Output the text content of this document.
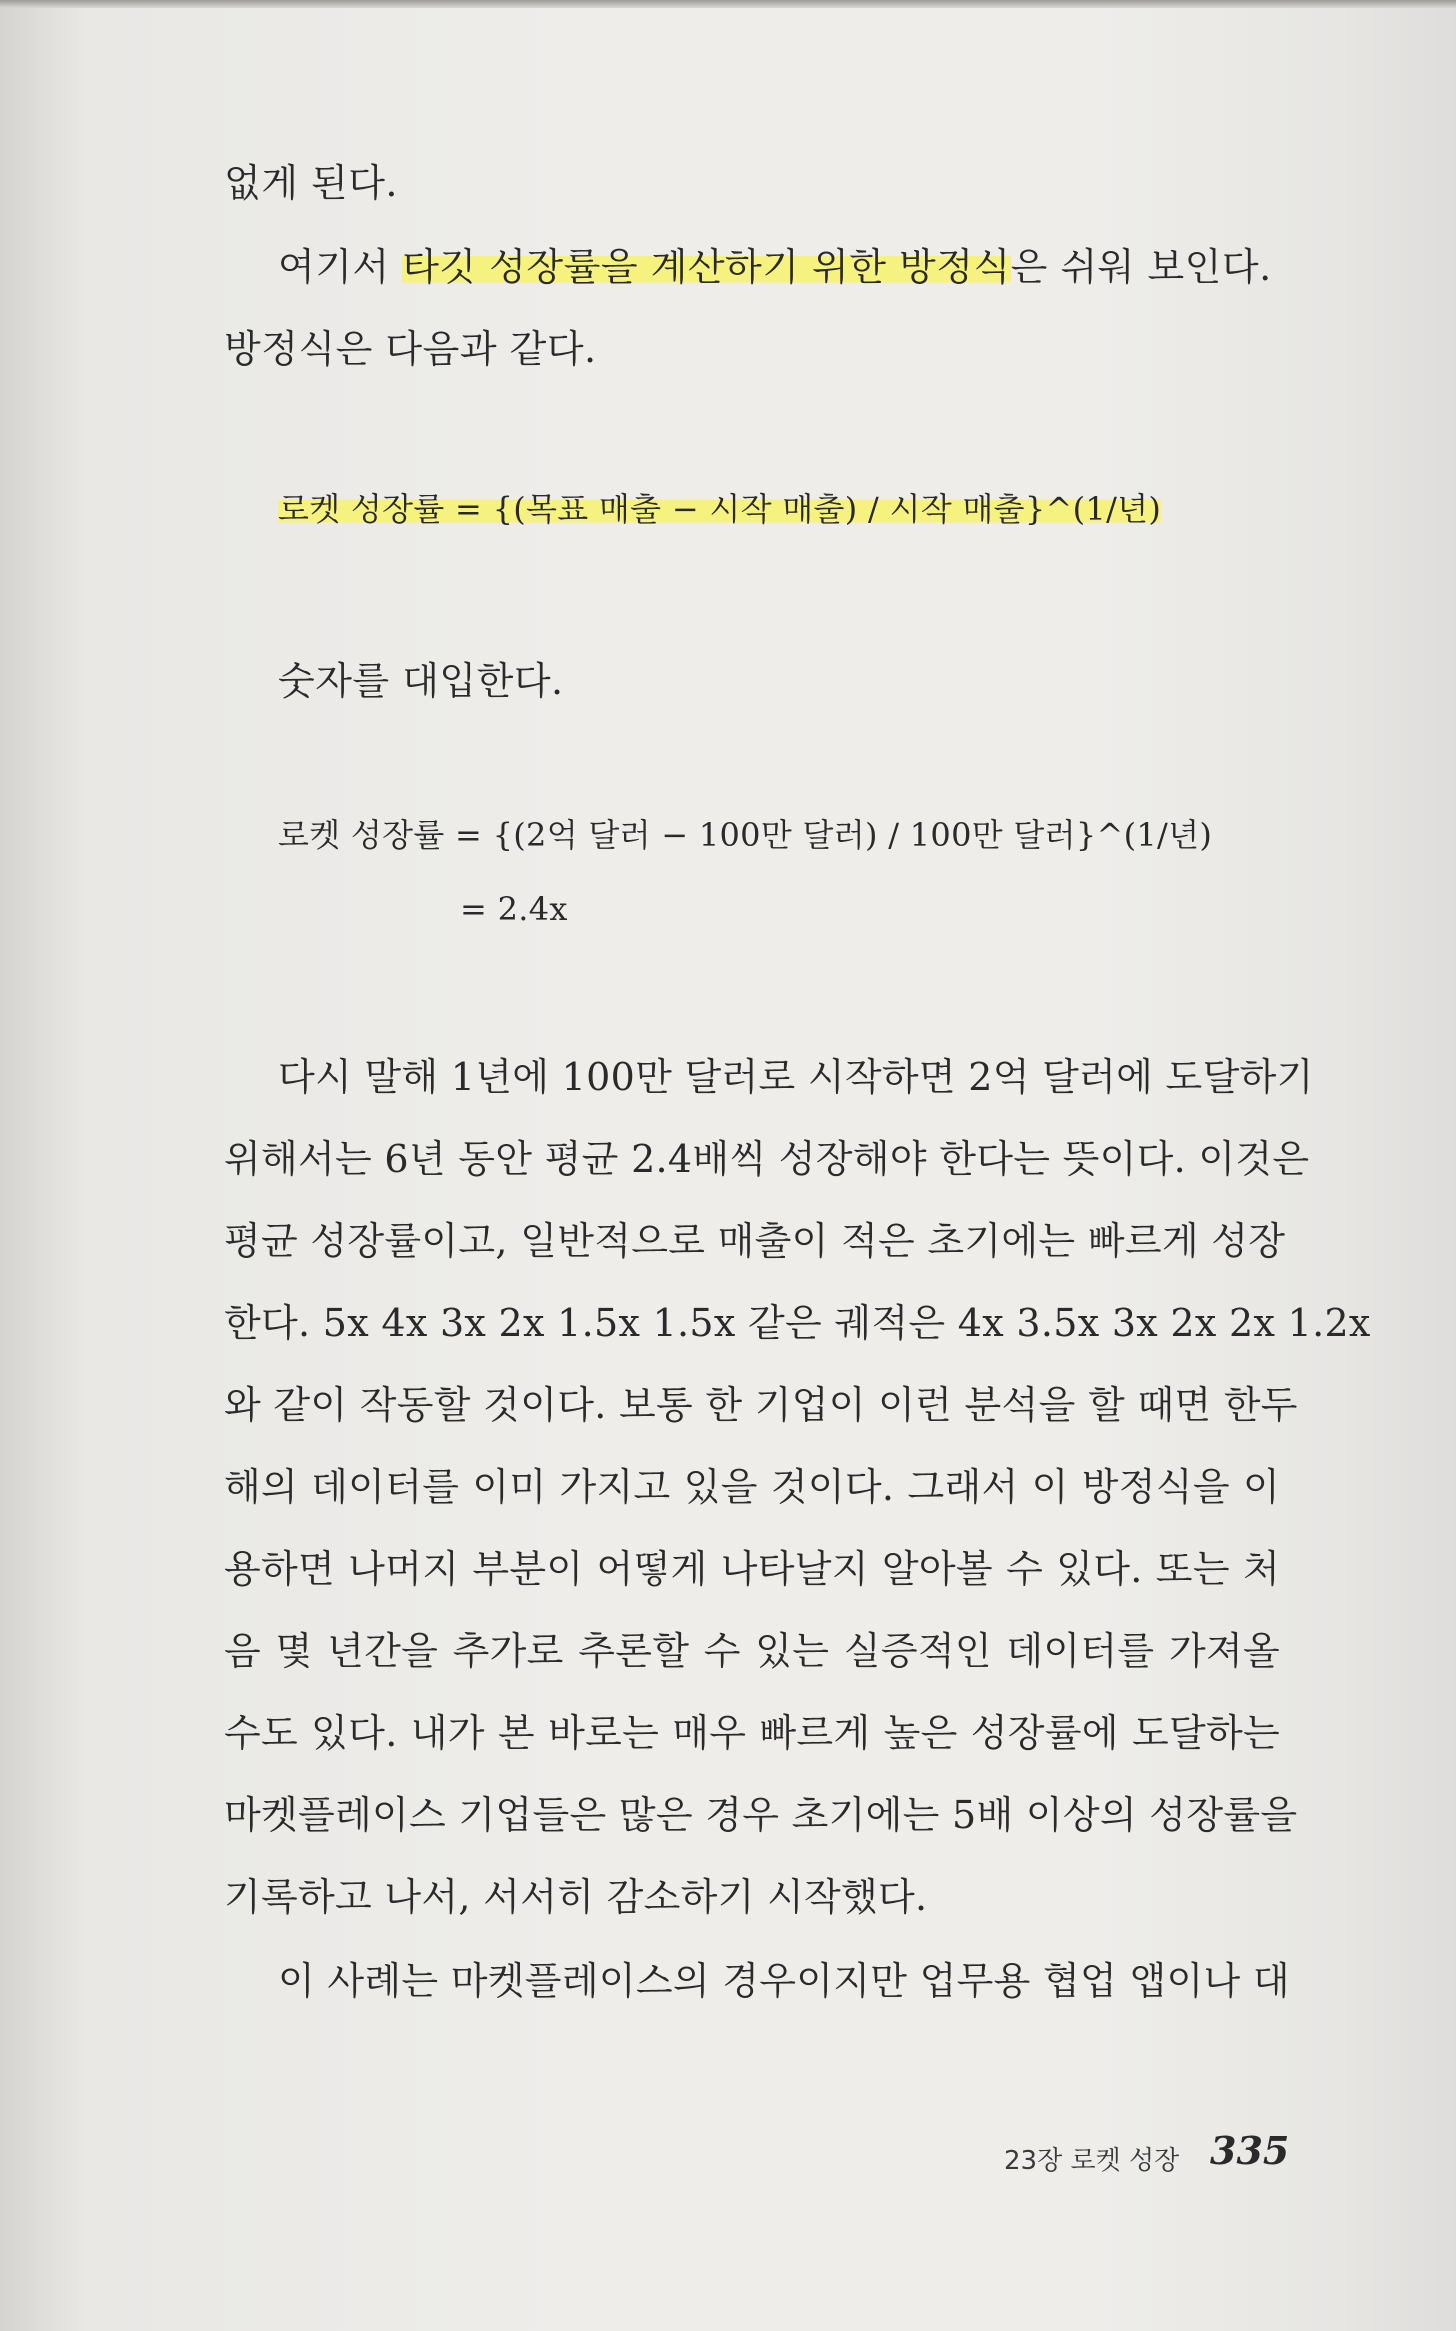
없게 된다.
여기서 타깃 성장률을 계산하기 위한 방정식은 쉬워 보인다.
방정식은 다음과 같다.
로켓 성장률 = {(목표 매출 − 시작 매출) / 시작 매출}^(1/년)
숫자를 대입한다.
로켓 성장률 = {(2억 달러 − 100만 달러) / 100만 달러}^(1/년)
= 2.4x
다시 말해 1년에 100만 달러로 시작하면 2억 달러에 도달하기
위해서는 6년 동안 평균 2.4배씩 성장해야 한다는 뜻이다. 이것은
평균 성장률이고, 일반적으로 매출이 적은 초기에는 빠르게 성장
한다. 5x 4x 3x 2x 1.5x 1.5x 같은 궤적은 4x 3.5x 3x 2x 2x 1.2x
와 같이 작동할 것이다. 보통 한 기업이 이런 분석을 할 때면 한두
해의 데이터를 이미 가지고 있을 것이다. 그래서 이 방정식을 이
용하면 나머지 부분이 어떻게 나타날지 알아볼 수 있다. 또는 처
음 몇 년간을 추가로 추론할 수 있는 실증적인 데이터를 가져올
수도 있다. 내가 본 바로는 매우 빠르게 높은 성장률에 도달하는
마켓플레이스 기업들은 많은 경우 초기에는 5배 이상의 성장률을
기록하고 나서, 서서히 감소하기 시작했다.
이 사례는 마켓플레이스의 경우이지만 업무용 협업 앱이나 대
23장 로켓 성장 335
